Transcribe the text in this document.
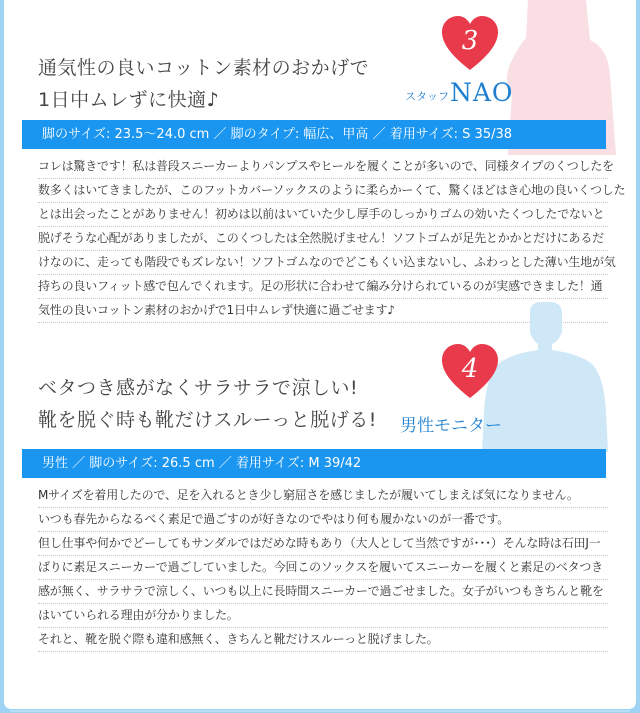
3
通気性の良いコットン素材のおかげで
1日中ムレずに快適♪	スタッフ NAO
脚のサイズ: 23.5〜24.0 cm ／ 脚のタイプ: 幅広、甲高 ／ 着用サイズ: S 35/38
コレは驚きです！私は普段スニーカーよりパンプスやヒールを履くことが多いので、同様タイプのくつしたを
数多くはいてきましたが、このフットカバーソックスのように柔らかーくて、驚くほどはき心地の良いくつした
とは出会ったことがありません！初めは以前はいていた少し厚手のしっかりゴムの効いたくつしたでないと
脱げそうな心配がありましたが、このくつしたは全然脱げません！ソフトゴムが足先とかかとだけにあるだ
けなのに、走っても階段でもズレない！ソフトゴムなのでどこもくい込まないし、ふわっとした薄い生地が気
持ちの良いフィット感で包んでくれます。足の形状に合わせて編み分けられているのが実感できました！通
気性の良いコットン素材のおかげで1日中ムレず快適に過ごせます♪
4
ベタつき感がなくサラサラで涼しい!
靴を脱ぐ時も靴だけスルーっと脱げる! 男性モニター
男性 ／ 脚のサイズ: 26.5 cm ／ 着用サイズ: M 39/42
Mサイズを着用したので、足を入れるとき少し窮屈さを感じましたが履いてしまえば気になりません。
いつも春先からなるべく素足で過ごすのが好きなのでやはり何も履かないのが一番です。
但し仕事や何かでどーしてもサンダルではだめな時もあり（大人として当然ですが･･･）そんな時は石田J一
ばりに素足スニーカーで過ごしていました。今回このソックスを履いてスニーカーを履くと素足のベタつき
感が無く、サラサラで涼しく、いつも以上に長時間スニーカーで過ごせました。女子がいつもきちんと靴を
はいていられる理由が分かりました。
それと、靴を脱ぐ際も違和感無く、きちんと靴だけスルーっと脱げました。
